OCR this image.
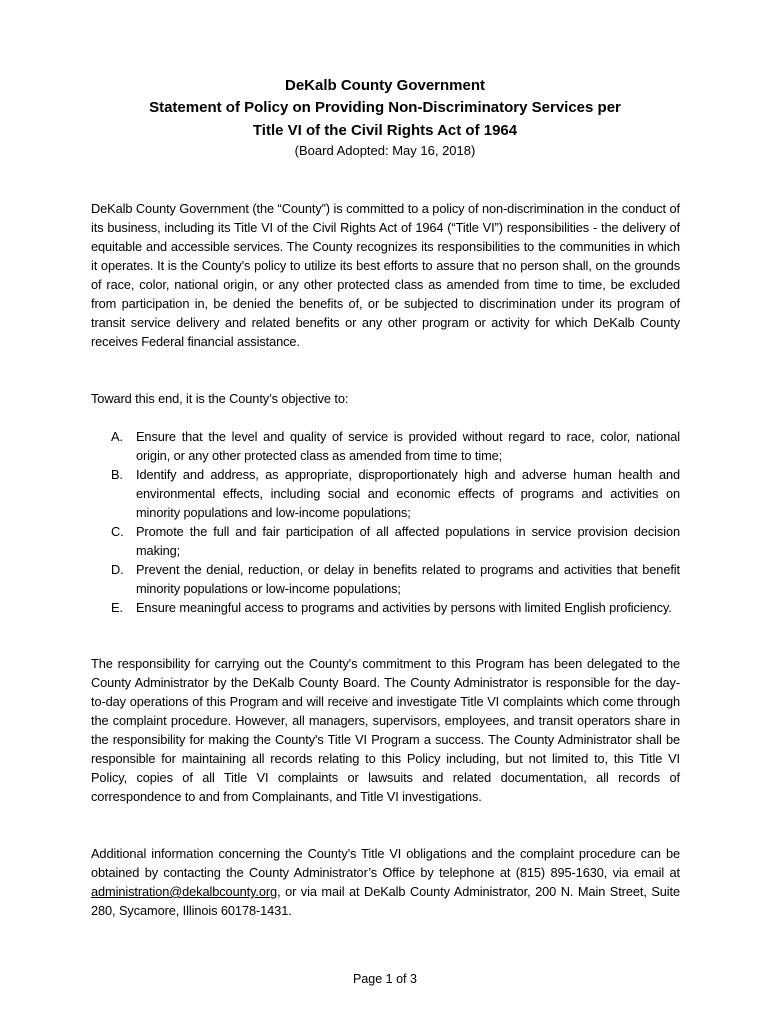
DeKalb County Government
Statement of Policy on Providing Non-Discriminatory Services per
Title VI of the Civil Rights Act of 1964
(Board Adopted: May 16, 2018)

DeKalb County Government (the “County”) is committed to a policy of non-discrimination in the conduct of its business, including its Title VI of the Civil Rights Act of 1964 (“Title VI”) responsibilities - the delivery of equitable and accessible services. The County recognizes its responsibilities to the communities in which it operates. It is the County's policy to utilize its best efforts to assure that no person shall, on the grounds of race, color, national origin, or any other protected class as amended from time to time, be excluded from participation in, be denied the benefits of, or be subjected to discrimination under its program of transit service delivery and related benefits or any other program or activity for which DeKalb County receives Federal financial assistance.

Toward this end, it is the County’s objective to:

A. Ensure that the level and quality of service is provided without regard to race, color, national origin, or any other protected class as amended from time to time;
B. Identify and address, as appropriate, disproportionately high and adverse human health and environmental effects, including social and economic effects of programs and activities on minority populations and low-income populations;
C. Promote the full and fair participation of all affected populations in service provision decision making;
D. Prevent the denial, reduction, or delay in benefits related to programs and activities that benefit minority populations or low-income populations;
E. Ensure meaningful access to programs and activities by persons with limited English proficiency.

The responsibility for carrying out the County's commitment to this Program has been delegated to the County Administrator by the DeKalb County Board. The County Administrator is responsible for the day-to-day operations of this Program and will receive and investigate Title VI complaints which come through the complaint procedure. However, all managers, supervisors, employees, and transit operators share in the responsibility for making the County's Title VI Program a success. The County Administrator shall be responsible for maintaining all records relating to this Policy including, but not limited to, this Title VI Policy, copies of all Title VI complaints or lawsuits and related documentation, all records of correspondence to and from Complainants, and Title VI investigations.

Additional information concerning the County’s Title VI obligations and the complaint procedure can be obtained by contacting the County Administrator’s Office by telephone at (815) 895-1630, via email at administration@dekalbcounty.org, or via mail at DeKalb County Administrator, 200 N. Main Street, Suite 280, Sycamore, Illinois 60178-1431.

Page 1 of 3
